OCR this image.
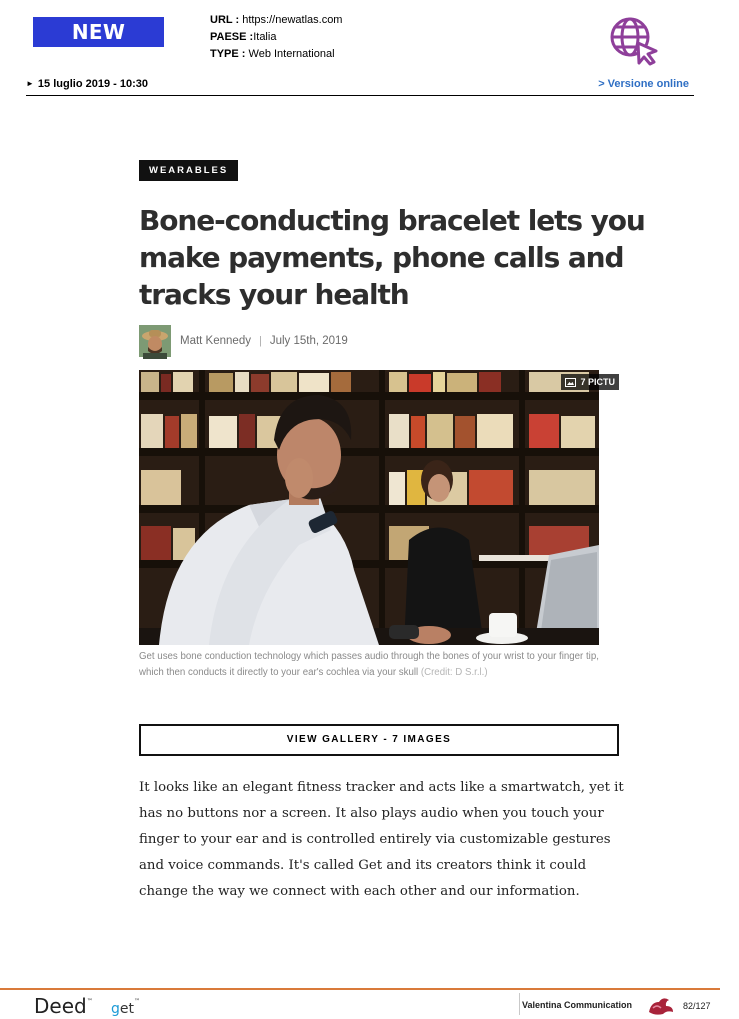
NEW ATLAS
URL : https://newatlas.com
PAESE :Italia
TYPE : Web International
► 15 luglio 2019 - 10:30	> Versione online
WEARABLES
Bone-conducting bracelet lets you
make payments, phone calls and
tracks your health
Matt Kennedy | July 15th, 2019
7 PICTU

Get uses bone conduction technology which passes audio through the bones of your wrist to your finger tip, which then conducts it directly to your ear's cochlea via your skull (Credit: D S.r.l.)

VIEW GALLERY - 7 IMAGES

It looks like an elegant fitness tracker and acts like a smartwatch, yet it has no buttons nor a screen. It also plays audio when you touch your finger to your ear and is controlled entirely via customizable gestures and voice commands. It's called Get and its creators think it could change the way we connect with each other and our information.

Deed™ get™	Valentina Communication	82/127
